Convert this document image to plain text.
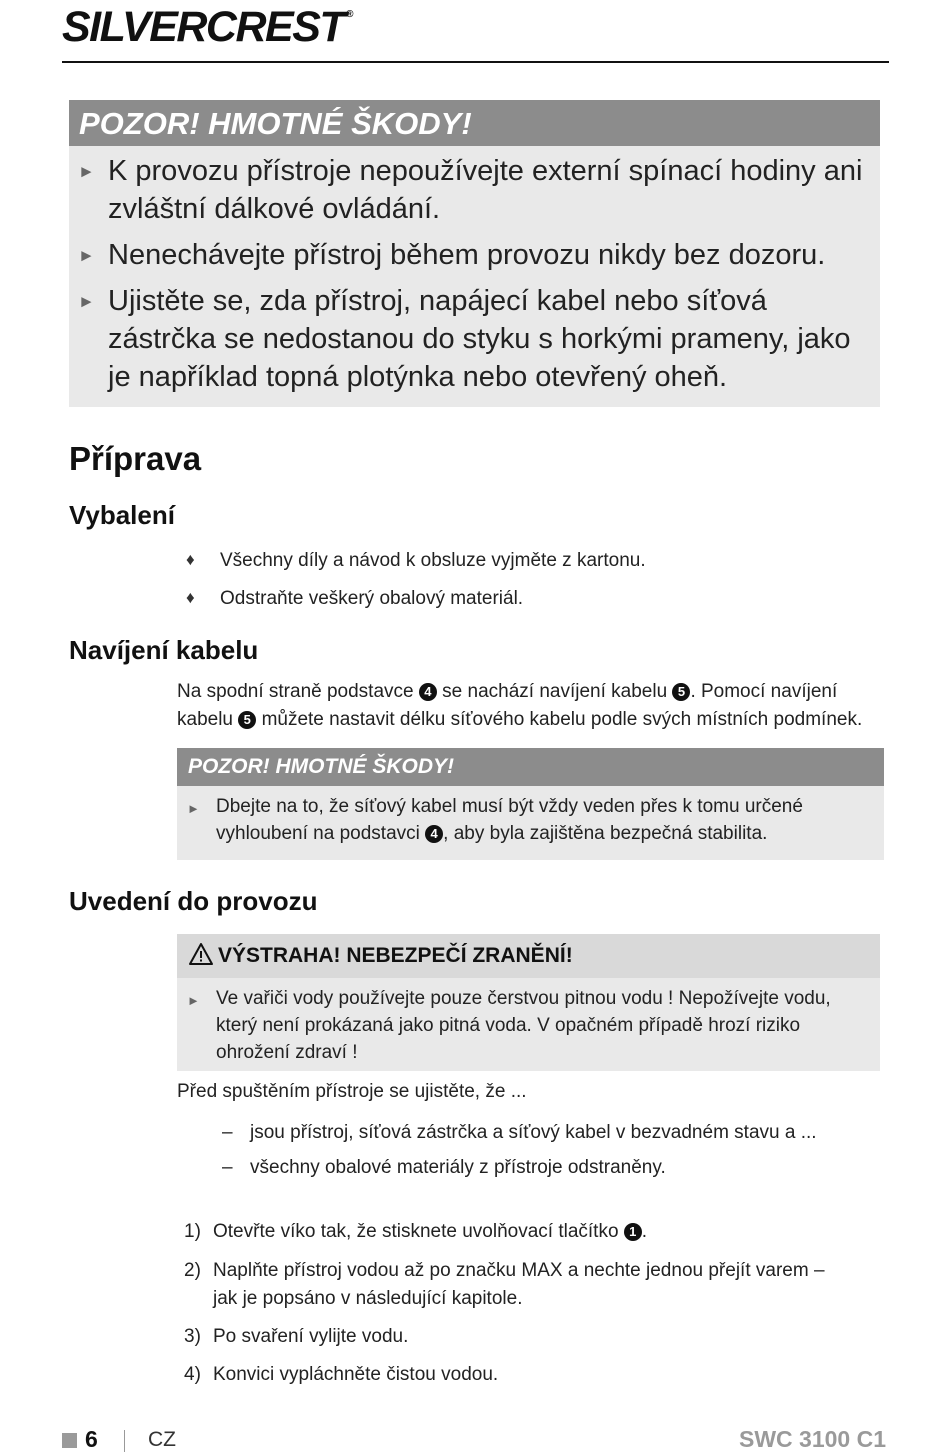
SILVERCREST ®
POZOR! HMOTNÉ ŠKODY!
► K provozu přístroje nepoužívejte externí spínací hodiny ani zvláštní dálkové ovládání.
► Nenechávejte přístroj během provozu nikdy bez dozoru.
► Ujistěte se, zda přístroj, napájecí kabel nebo síťová zástrčka se nedostanou do styku s horkými prameny, jako je například topná plotýnka nebo otevřený oheň.
Příprava
Vybalení
♦	Všechny díly a návod k obsluze vyjměte z kartonu.
♦	Odstraňte veškerý obalový materiál.
Navíjení kabelu
Na spodní straně podstavce 4 se nachází navíjení kabelu 5 . Pomocí navíjení
kabelu 5 můžete nastavit délku síťového kabelu podle svých místních podmínek.
POZOR! HMOTNÉ ŠKODY!
► Dbejte na to, že síťový kabel musí být vždy veden přes k tomu určené
vyhloubení na podstavci 4 , aby byla zajištěna bezpečná stabilita.
Uvedení do provozu
VÝSTRAHA! NEBEZPEČÍ ZRANĚNÍ!
► Ve vařiči vody používejte pouze čerstvou pitnou vodu ! Nepožívejte vodu,
který není prokázaná jako pitná voda. V opačném případě hrozí riziko
ohrožení zdraví !
Před spuštěním přístroje se ujistěte, že ...
– jsou přístroj, síťová zástrčka a síťový kabel v bezvadném stavu a ...
– všechny obalové materiály z přístroje odstraněny.
1) Otevřte víko tak, že stisknete uvolňovací tlačítko 1 .
2) Naplňte přístroj vodou až po značku MAX a nechte jednou přejít varem –
jak je popsáno v následující kapitole.
3) Po svaření vylijte vodu.
4) Konvici vypláchněte čistou vodou.
6 CZ	SWC 3100 C1
